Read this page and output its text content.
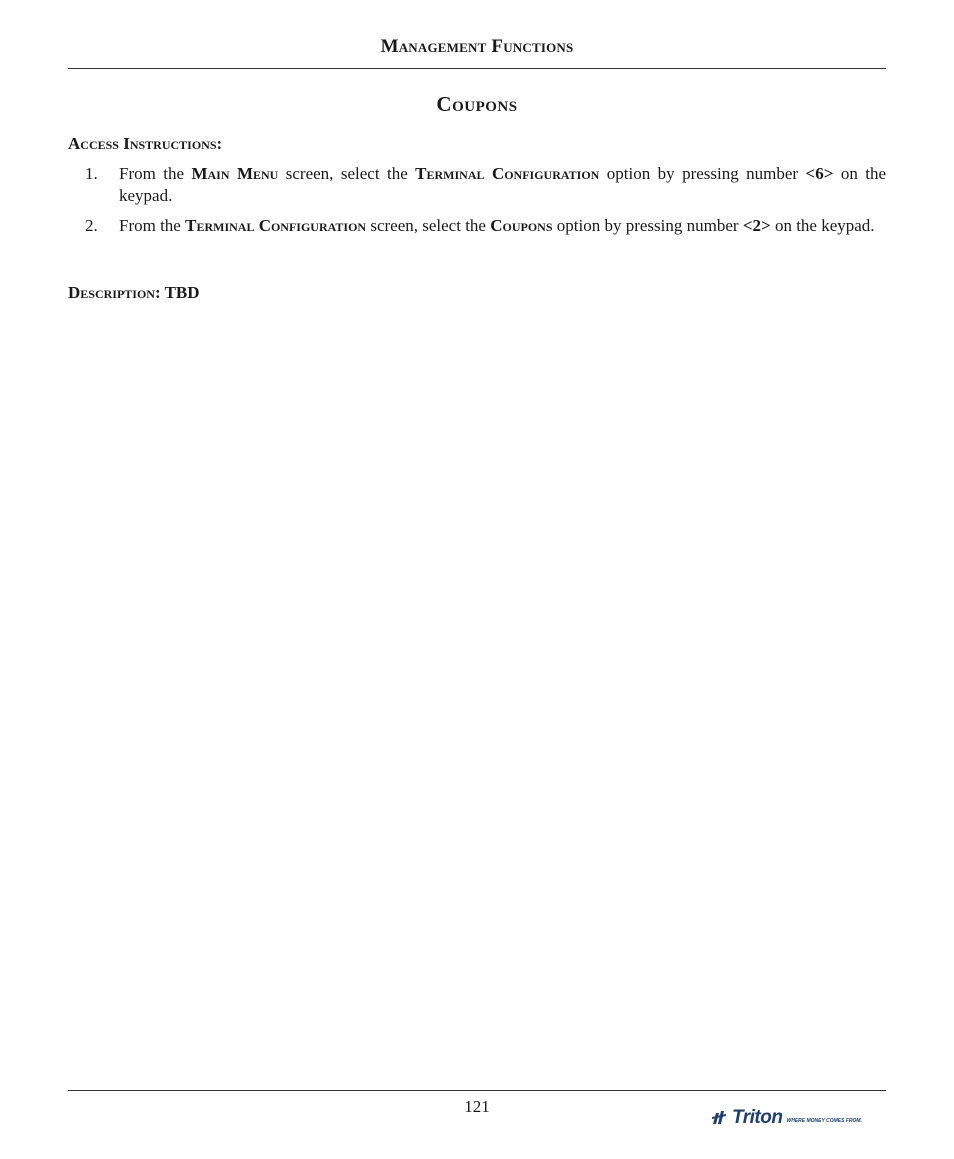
Management Functions
Coupons
Access Instructions:
1. From the Main Menu screen, select the Terminal Configuration option by pressing number <6> on the keypad.
2. From the Terminal Configuration screen, select the Coupons option by pressing number <2> on the keypad.
Description: TBD
121
Triton WHERE MONEY COMES FROM.
